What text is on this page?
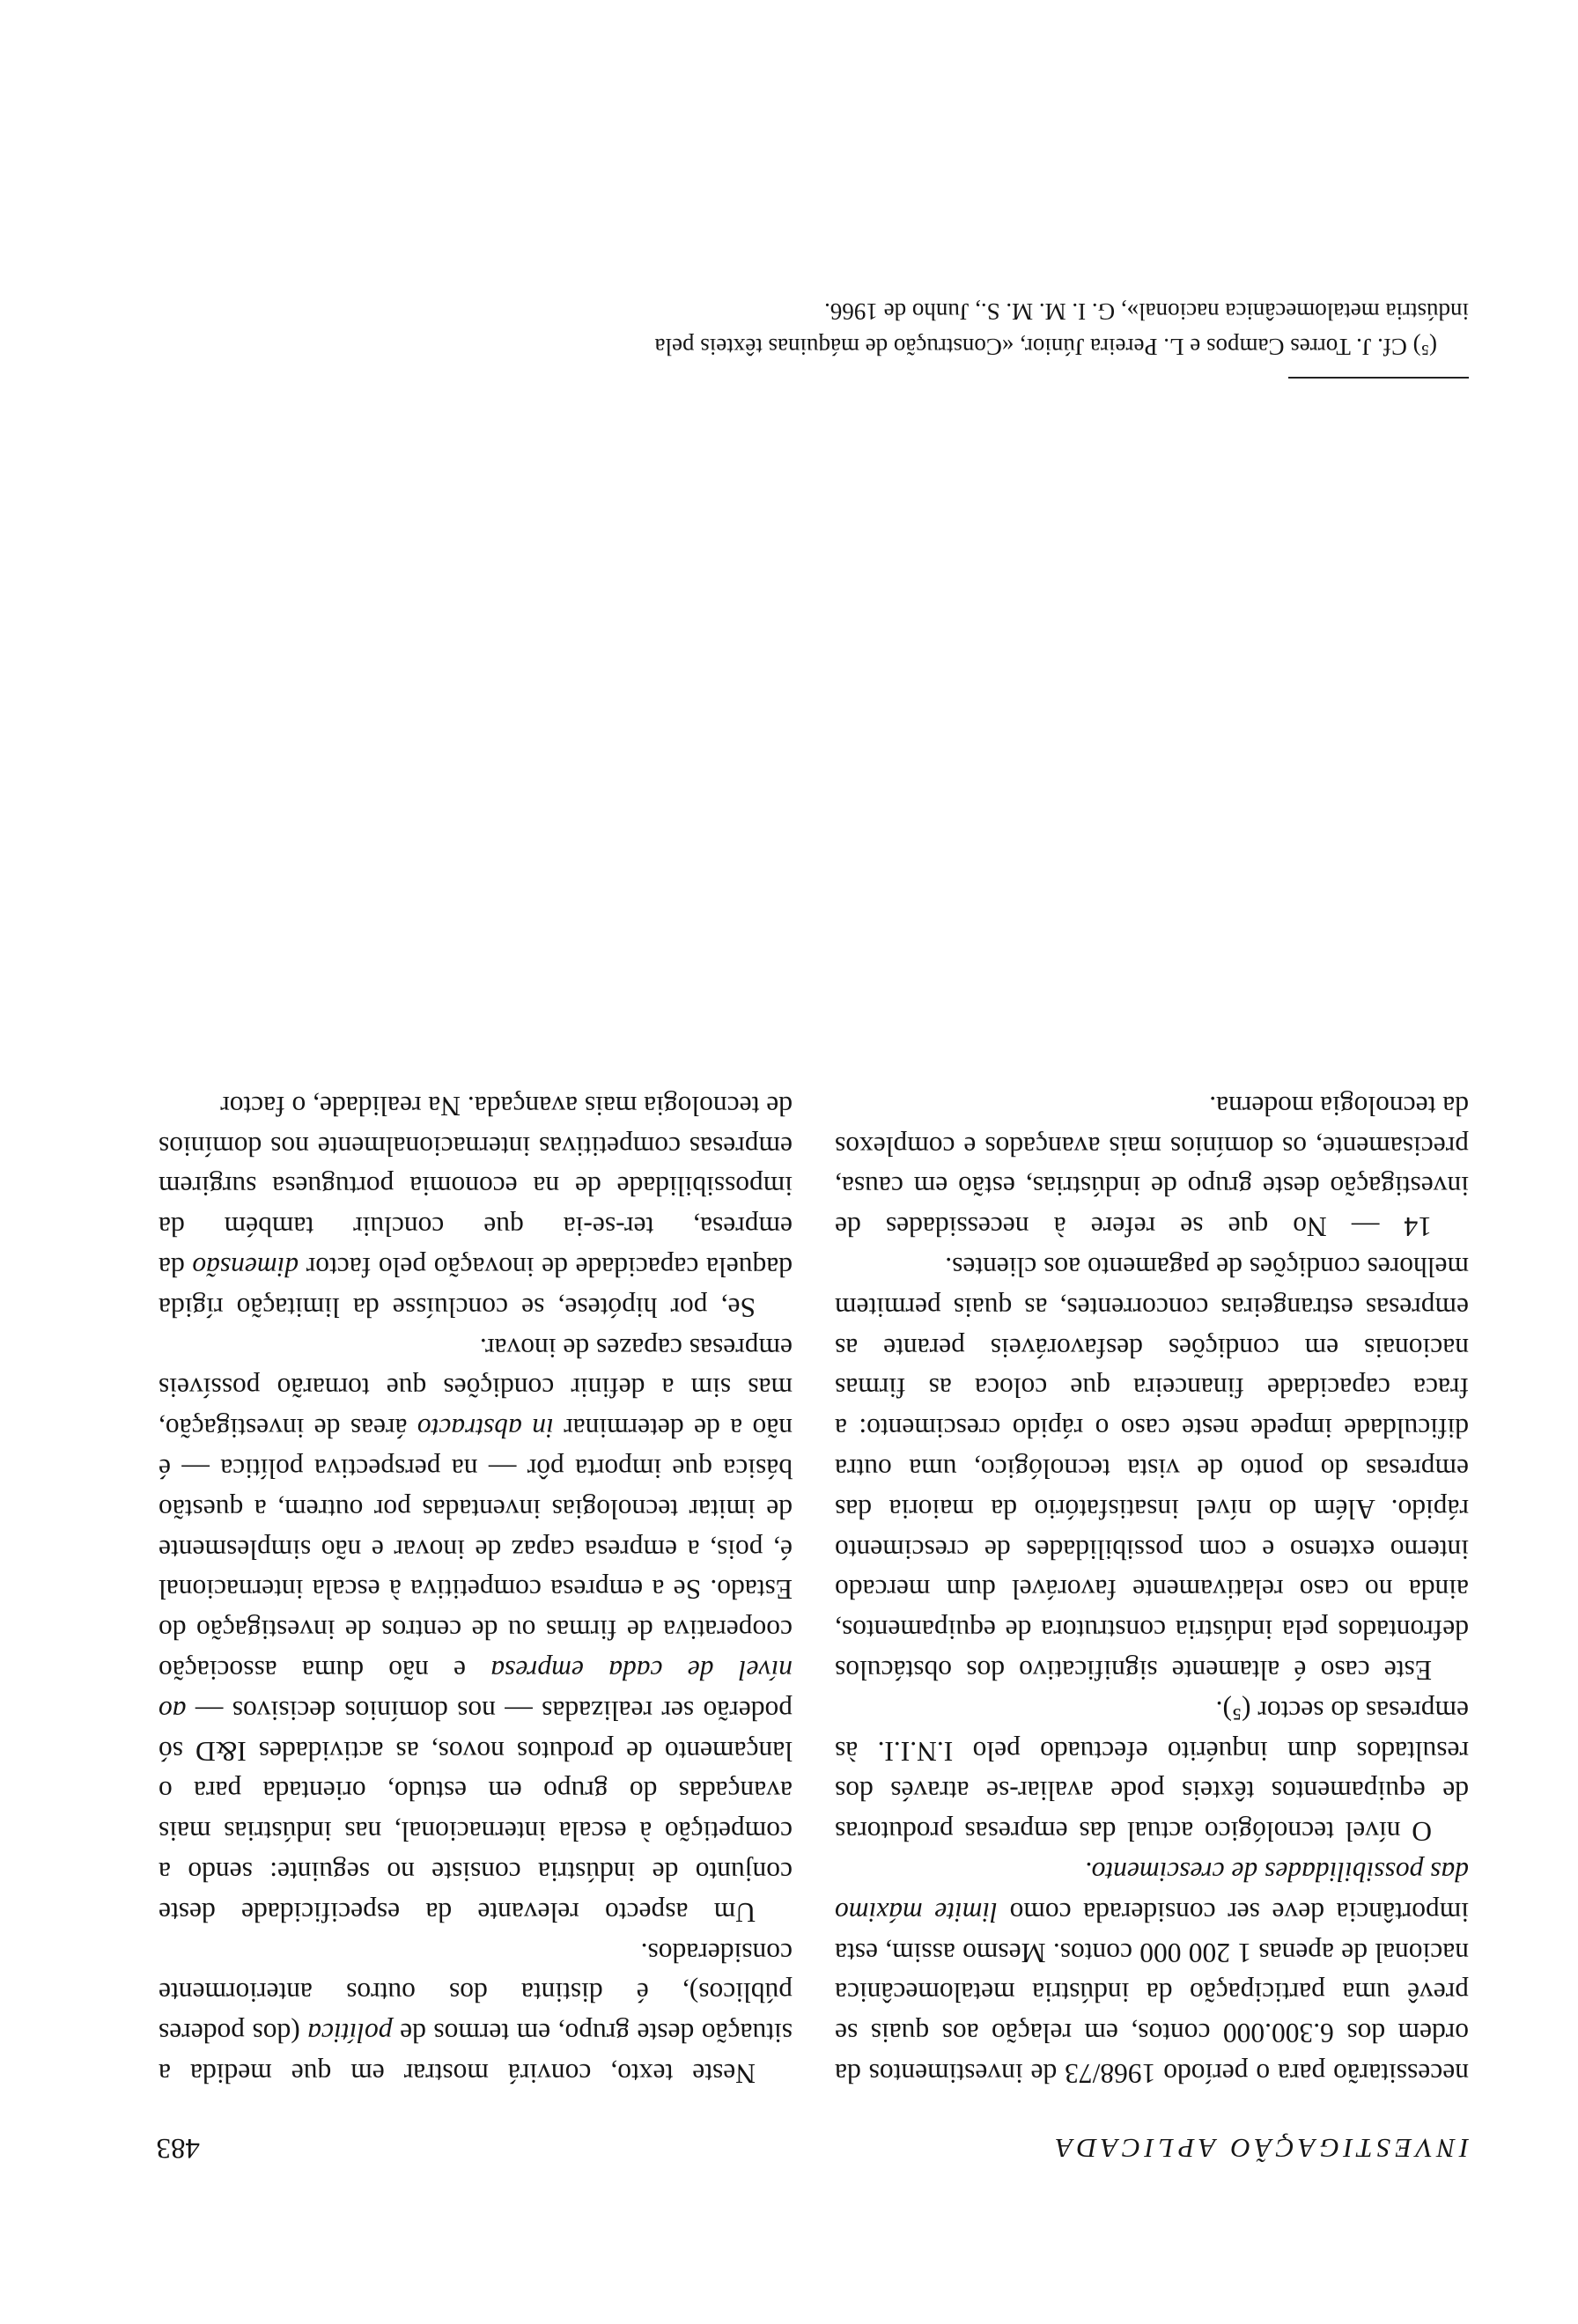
INVESTIGAÇÃO APLICADA
483

necessitarão para o período 1968/73 de investimentos da ordem dos 6.300.000 contos, em relação aos quais se prevê uma participação da indústria metalomecânica nacional de apenas 1 200 000 contos. Mesmo assim, esta importância deve ser considerada como limite máximo das possibilidades de crescimento.

O nível tecnológico actual das empresas produtoras de equipamentos têxteis pode avaliar-se através dos resultados dum inquérito efectuado pelo I.N.I.I. às empresas do sector (⁵).

Este caso é altamente significativo dos obstáculos defrontados pela indústria construtora de equipamentos, ainda no caso relativamente favorável dum mercado interno extenso e com possibilidades de crescimento rápido. Além do nível insatisfatório da maioria das empresas do ponto de vista tecnológico, uma outra dificuldade impede neste caso o rápido crescimento: a fraca capacidade financeira que coloca as firmas nacionais em condições desfavoráveis perante as empresas estrangeiras concorrentes, as quais permitem melhores condições de pagamento aos clientes.

14 — No que se refere à necessidades de investigação deste grupo de indústrias, estão em causa, precisamente, os domínios mais avançados e complexos da tecnologia moderna.

Neste texto, convirá mostrar em que medida a situação deste grupo, em termos de política (dos poderes públicos), é distinta dos outros anteriormente considerados.

Um aspecto relevante da especificidade deste conjunto de indústria consiste no seguinte: sendo a competição à escala internacional, nas indústrias mais avançadas do grupo em estudo, orientada para o lançamento de produtos novos, as actividades I&D só poderão ser realizadas — nos domínios decisivos — ao nível de cada empresa e não duma associação cooperativa de firmas ou de centros de investigação do Estado. Se a empresa competitiva à escala internacional é, pois, a empresa capaz de inovar e não simplesmente de imitar tecnologias inventadas por outrem, a questão básica que importa pôr — na perspectiva política — é não a de determinar in abstracto áreas de investigação, mas sim a definir condições que tornarão possíveis empresas capazes de inovar.

Se, por hipótese, se concluísse da limitação rígida daquela capacidade de inovação pelo factor dimensão da empresa, ter-se-ia que concluir também da impossibilidade de na economia portuguesa surgirem empresas competitivas internacionalmente nos domínios de tecnologia mais avançada. Na realidade, o factor

(⁵) Cf. J. Torres Campos e L. Pereira Júnior, «Construção de máquinas têxteis pela
indústria metalomecânica nacional», G. I. M. M. S., Junho de 1966.
